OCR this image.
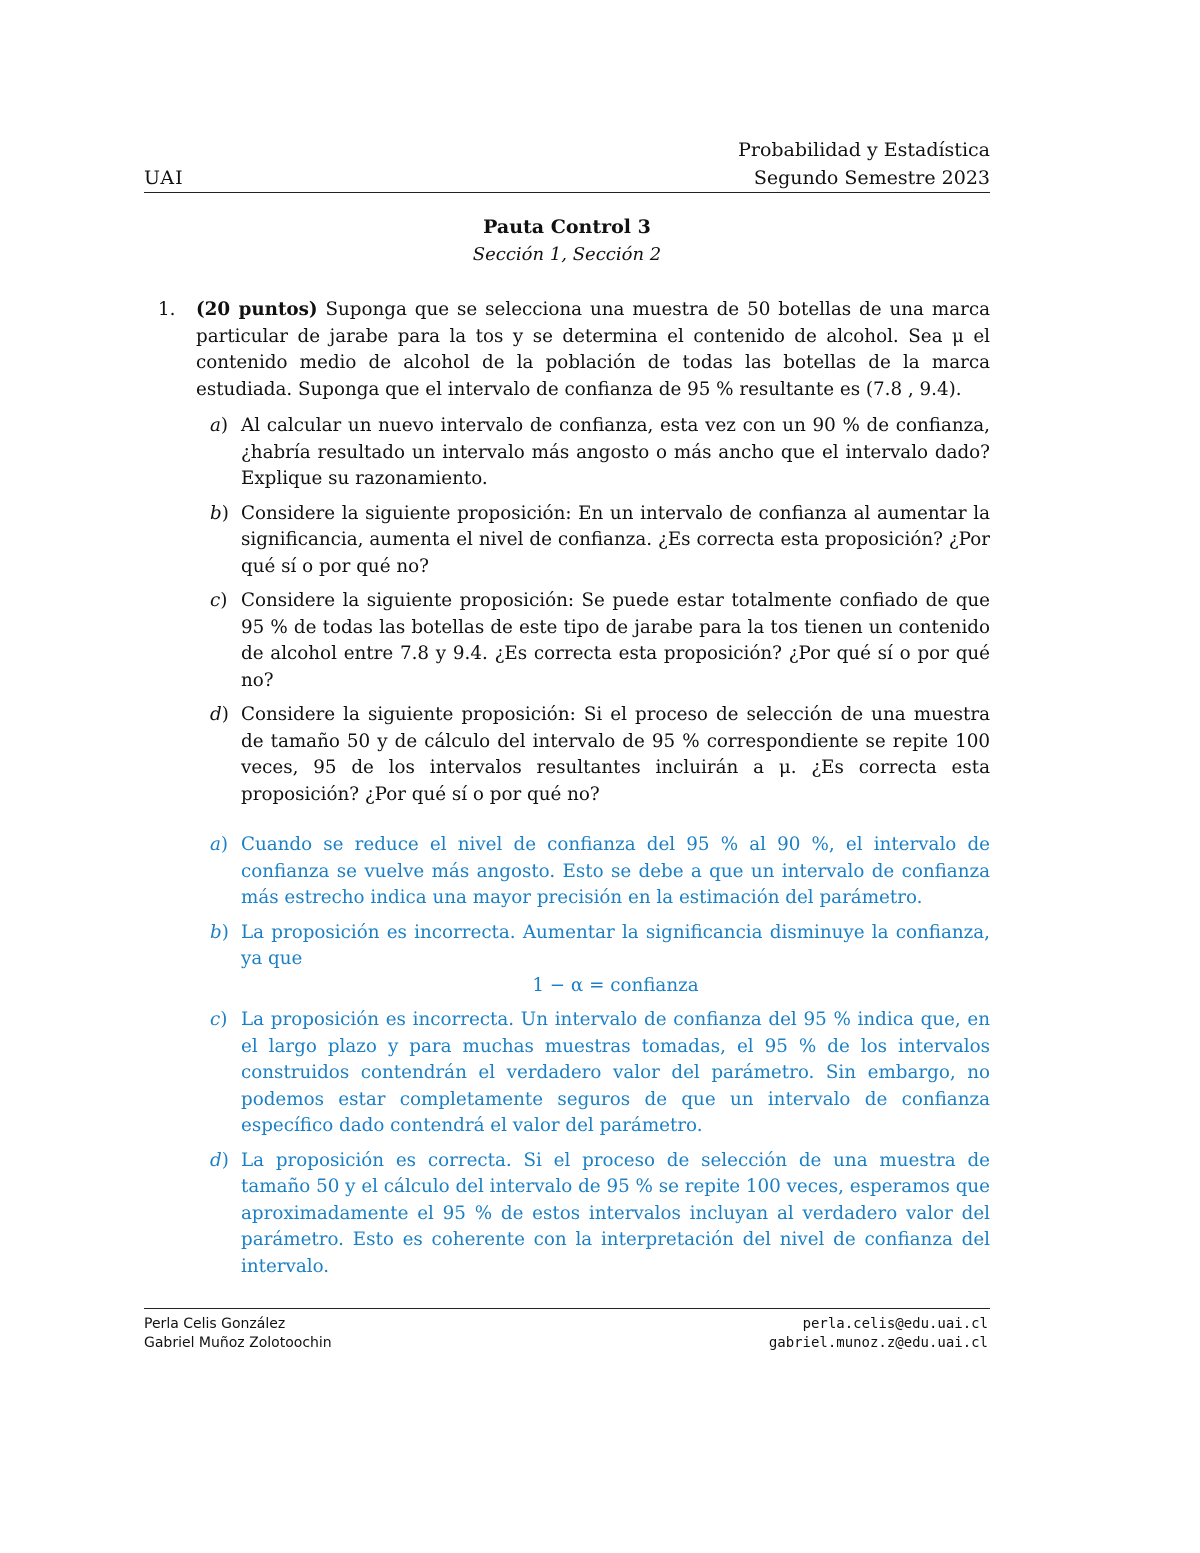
Probabilidad y Estadística
Segundo Semestre 2023
UAI
Pauta Control 3
Sección 1, Sección 2
1. (20 puntos) Suponga que se selecciona una muestra de 50 botellas de una marca particular de jarabe para la tos y se determina el contenido de alcohol. Sea μ el contenido medio de alcohol de la población de todas las botellas de la marca estudiada. Suponga que el intervalo de confianza de 95 % resultante es (7.8 , 9.4).
a) Al calcular un nuevo intervalo de confianza, esta vez con un 90 % de confianza, ¿habría resultado un intervalo más angosto o más ancho que el intervalo dado? Explique su razonamiento.
b) Considere la siguiente proposición: En un intervalo de confianza al aumentar la significancia, aumenta el nivel de confianza. ¿Es correcta esta proposición? ¿Por qué sí o por qué no?
c) Considere la siguiente proposición: Se puede estar totalmente confiado de que 95 % de todas las botellas de este tipo de jarabe para la tos tienen un contenido de alcohol entre 7.8 y 9.4. ¿Es correcta esta proposición? ¿Por qué sí o por qué no?
d) Considere la siguiente proposición: Si el proceso de selección de una muestra de tamaño 50 y de cálculo del intervalo de 95 % correspondiente se repite 100 veces, 95 de los intervalos resultantes incluirán a μ. ¿Es correcta esta proposición? ¿Por qué sí o por qué no?
a) Cuando se reduce el nivel de confianza del 95 % al 90 %, el intervalo de confianza se vuelve más angosto. Esto se debe a que un intervalo de confianza más estrecho indica una mayor precisión en la estimación del parámetro.
b) La proposición es incorrecta. Aumentar la significancia disminuye la confianza, ya que
1 − α = confianza
c) La proposición es incorrecta. Un intervalo de confianza del 95 % indica que, en el largo plazo y para muchas muestras tomadas, el 95 % de los intervalos construidos contendrán el verdadero valor del parámetro. Sin embargo, no podemos estar completamente seguros de que un intervalo de confianza específico dado contendrá el valor del parámetro.
d) La proposición es correcta. Si el proceso de selección de una muestra de tamaño 50 y el cálculo del intervalo de 95 % se repite 100 veces, esperamos que aproximadamente el 95 % de estos intervalos incluyan al verdadero valor del parámetro. Esto es coherente con la interpretación del nivel de confianza del intervalo.
Perla Celis González
Gabriel Muñoz Zolotoochin
perla.celis@edu.uai.cl
gabriel.munoz.z@edu.uai.cl
